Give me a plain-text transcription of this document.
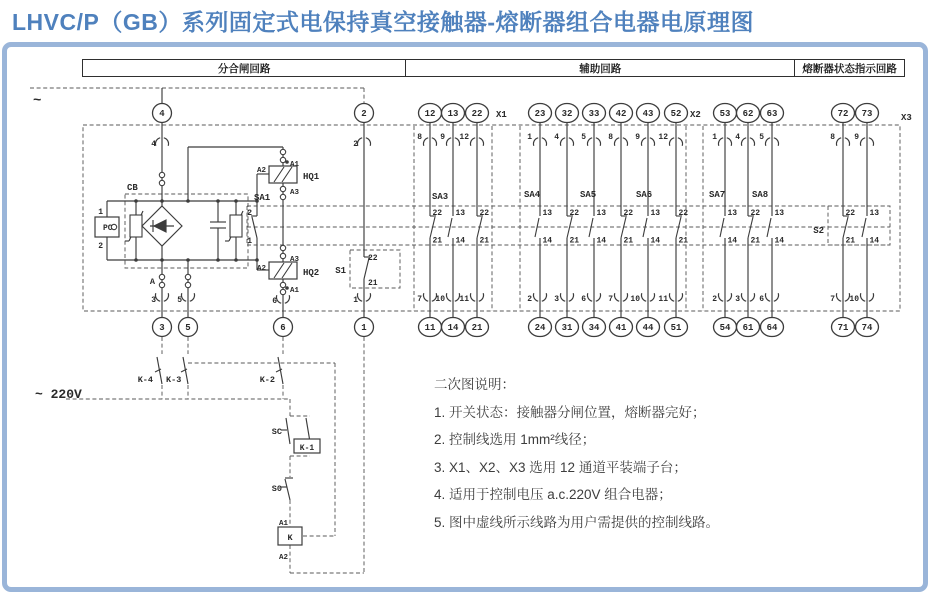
LHVC/P（GB）系列固定式电保持真空接触器-熔断器组合电器电原理图
12
8
22
21
7
11
13
9
13
14
10
14
22
12
22
21
11
21
23
1
13
14
2
24
32
4
22
21
3
31
33
5
13
14
6
34
42
8
22
21
7
41
43
9
13
14
10
44
52
12
22
21
11
51
53
1
13
14
2
54
62
4
22
21
3
61
63
5
13
14
6
64
72
8
22
21
7
71
73
9
13
14
10
74
4	2
3 5	6	1
~
X1	X2	X3
SA3	SA4	SA5	SA6	SA7	SA8
S2
S1
SA1
CB
PC
1
2
A
2
1
22
21
A2
A1
A3
HQ1
A2
A3
A1
HQ2
4	2
3	5	6	1
~ 220V
K-4 K-3	K-2
SC
K-1
S0
A1
A2
K
分合闸回路	辅助回路	熔断器状态指示回路
二次图说明：
1. 开关状态：接触器分闸位置，熔断器完好；
2. 控制线选用 1mm²线径；
3. X1、X2、X3 选用 12 通道平装端子台；
4. 适用于控制电压 a.c.220V 组合电器；
5. 图中虚线所示线路为用户需提供的控制线路。
